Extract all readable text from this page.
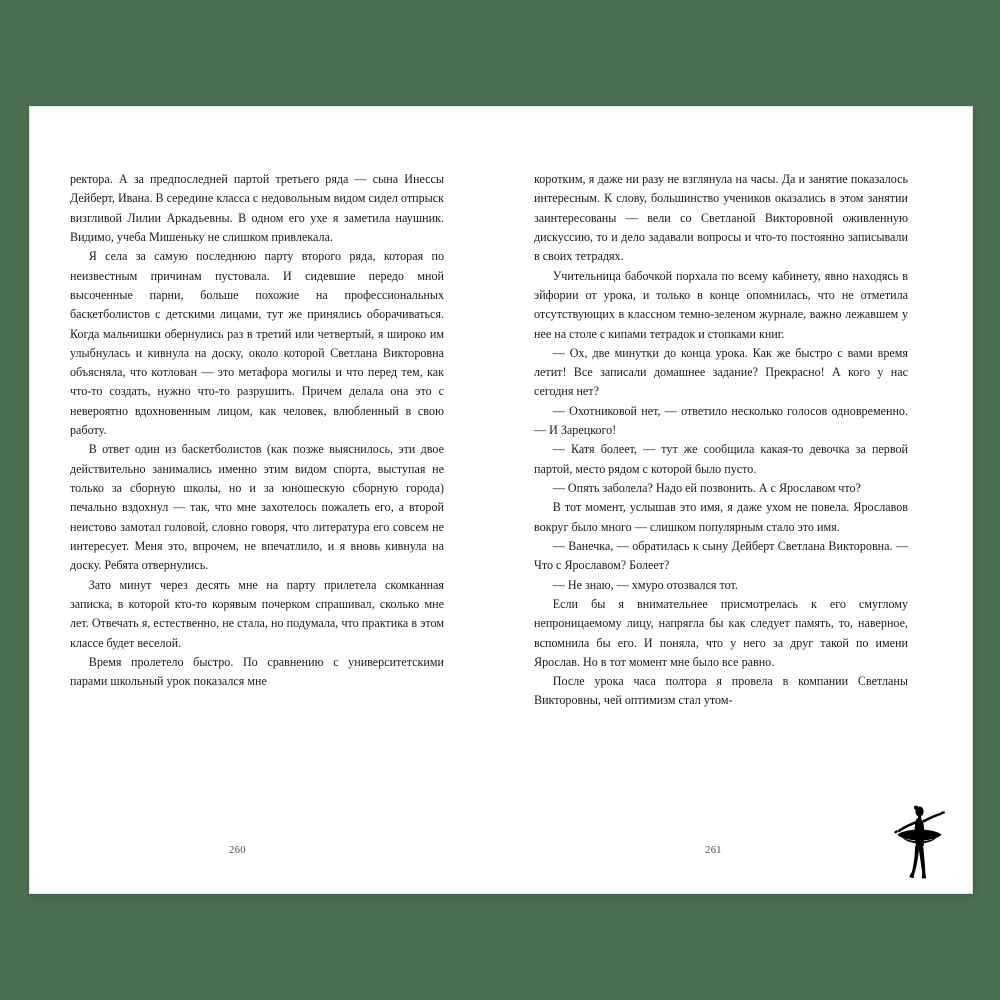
ректора. А за предпоследней партой третьего ряда — сына Инессы Дейберт, Ивана. В середине класса с недовольным видом сидел отпрыск визгливой Лилии Аркадьевны. В одном его ухе я заметила наушник. Видимо, учеба Мишеньку не слишком привлекала.

Я села за самую последнюю парту второго ряда, которая по неизвестным причинам пустовала. И сидевшие передо мной высоченные парни, больше похожие на профессиональных баскетболистов с детскими лицами, тут же принялись оборачиваться. Когда мальчишки обернулись раз в третий или четвертый, я широко им улыбнулась и кивнула на доску, около которой Светлана Викторовна объясняла, что котлован — это метафора могилы и что перед тем, как что-то создать, нужно что-то разрушить. Причем делала она это с невероятно вдохновенным лицом, как человек, влюбленный в свою работу.

В ответ один из баскетболистов (как позже выяснилось, эти двое действительно занимались именно этим видом спорта, выступая не только за сборную школы, но и за юношескую сборную города) печально вздохнул — так, что мне захотелось пожалеть его, а второй неистово замотал головой, словно говоря, что литература его совсем не интересует. Меня это, впрочем, не впечатлило, и я вновь кивнула на доску. Ребята отвернулись.

Зато минут через десять мне на парту прилетела скомканная записка, в которой кто-то корявым почерком спрашивал, сколько мне лет. Отвечать я, естественно, не стала, но подумала, что практика в этом классе будет веселой.

Время пролетело быстро. По сравнению с университетскими парами школьный урок показался мне

260

коротким, я даже ни разу не взглянула на часы. Да и занятие показалось интересным. К слову, большинство учеников оказались в этом занятии заинтересованы — вели со Светланой Викторовной оживленную дискуссию, то и дело задавали вопросы и что-то постоянно записывали в своих тетрадях.

Учительница бабочкой порхала по всему кабинету, явно находясь в эйфории от урока, и только в конце опомнилась, что не отметила отсутствующих в классном темно-зеленом журнале, важно лежавшем у нее на столе с кипами тетрадок и стопками книг.

— Ох, две минутки до конца урока. Как же быстро с вами время летит! Все записали домашнее задание? Прекрасно! А кого у нас сегодня нет?

— Охотниковой нет, — ответило несколько голосов одновременно. — И Зарецкого!

— Катя болеет, — тут же сообщила какая-то девочка за первой партой, место рядом с которой было пусто.

— Опять заболела? Надо ей позвонить. А с Ярославом что?

В тот момент, услышав это имя, я даже ухом не повела. Ярославов вокруг было много — слишком популярным стало это имя.

— Ванечка, — обратилась к сыну Дейберт Светлана Викторовна. — Что с Ярославом? Болеет?

— Не знаю, — хмуро отозвался тот.

Если бы я внимательнее присмотрелась к его смуглому непроницаемому лицу, напрягла бы как следует память, то, наверное, вспомнила бы его. И поняла, что у него за друг такой по имени Ярослав. Но в тот момент мне было все равно.

После урока часа полтора я провела в компании Светланы Викторовны, чей оптимизм стал утом-

261
